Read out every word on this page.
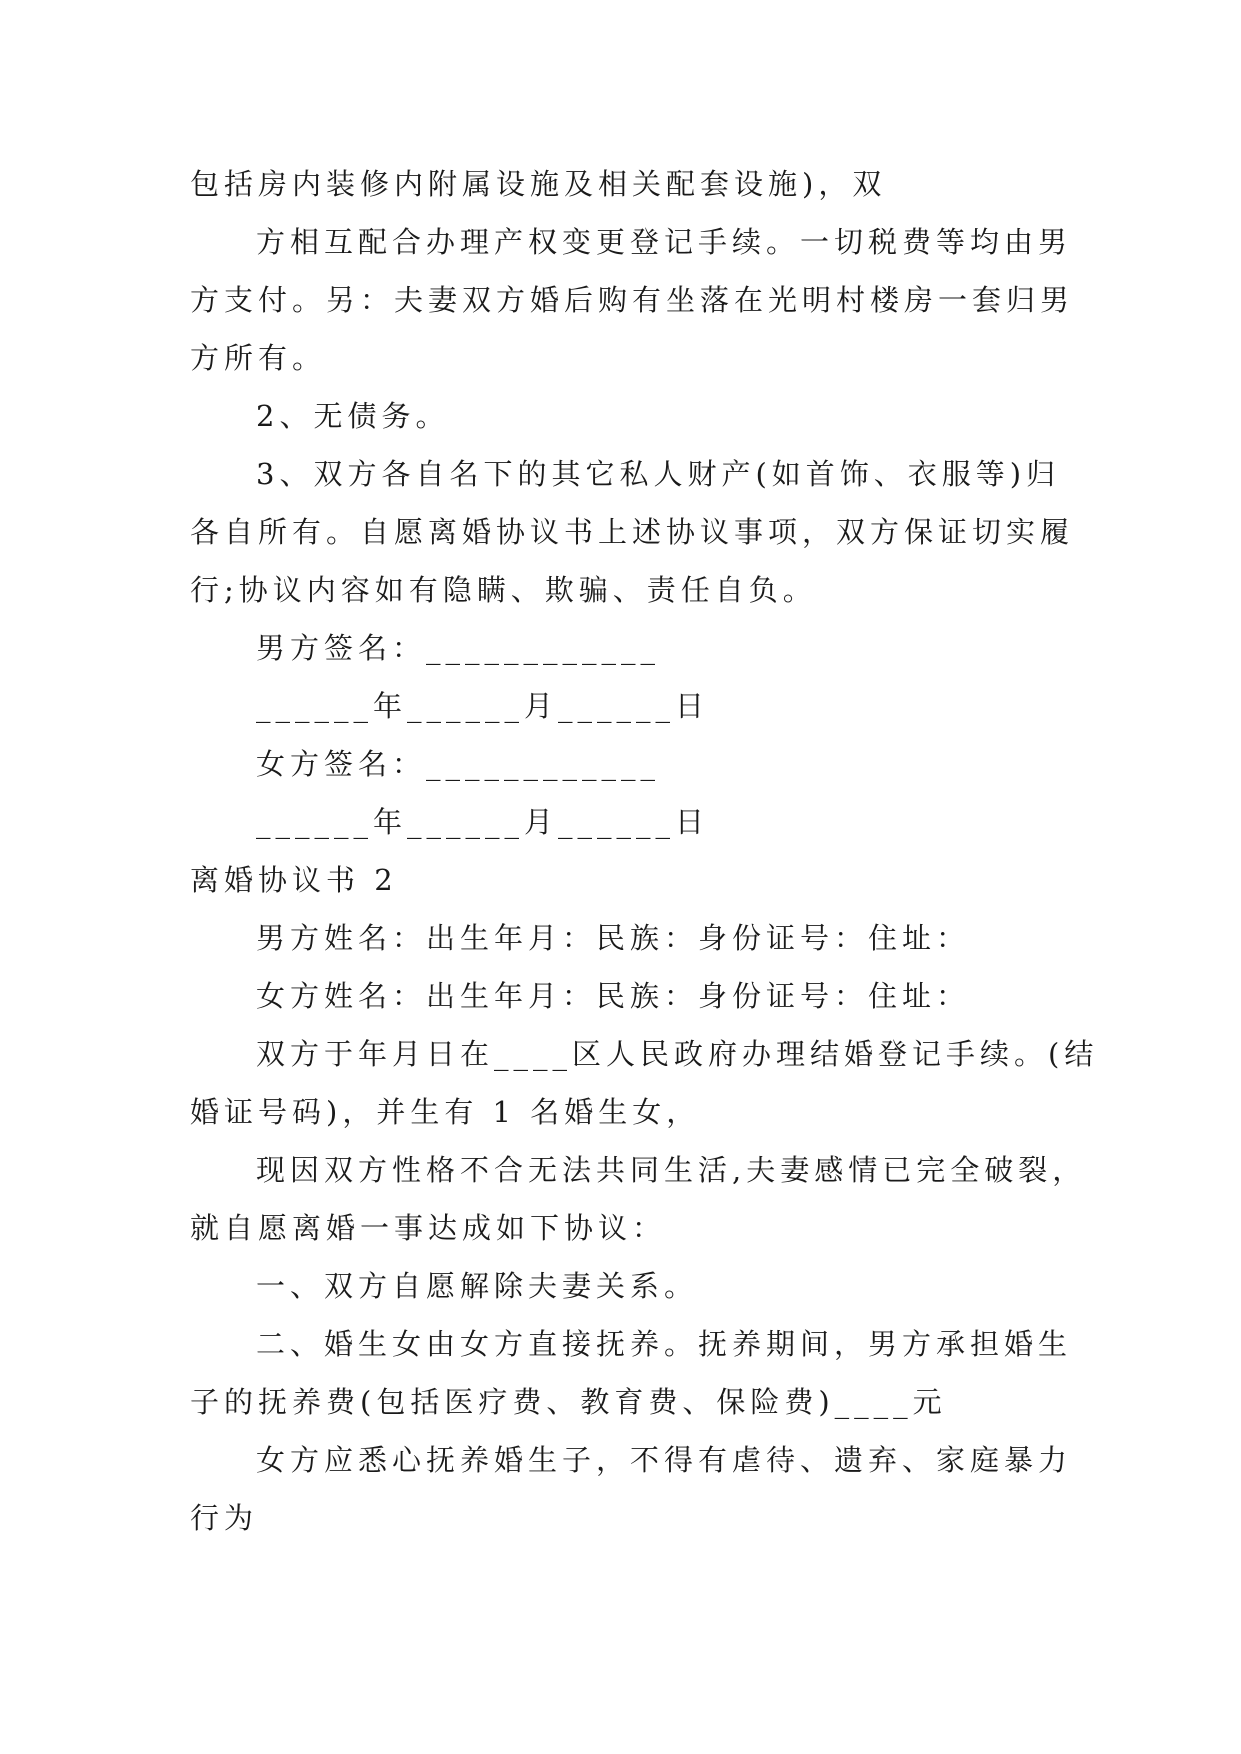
包括房内装修内附属设施及相关配套设施)，双
方相互配合办理产权变更登记手续。一切税费等均由男
方支付。另：夫妻双方婚后购有坐落在光明村楼房一套归男
方所有。
2、无债务。
3、双方各自名下的其它私人财产(如首饰、衣服等)归
各自所有。自愿离婚协议书上述协议事项，双方保证切实履
行;协议内容如有隐瞒、欺骗、责任自负。
男方签名：____________
______年______月______日
女方签名：____________
______年______月______日
离婚协议书 2
男方姓名：出生年月：民族：身份证号：住址：
女方姓名：出生年月：民族：身份证号：住址：
双方于年月日在____区人民政府办理结婚登记手续。(结
婚证号码)，并生有 1 名婚生女，
现因双方性格不合无法共同生活,夫妻感情已完全破裂，
就自愿离婚一事达成如下协议：
一、双方自愿解除夫妻关系。
二、婚生女由女方直接抚养。抚养期间，男方承担婚生
子的抚养费(包括医疗费、教育费、保险费)____元
女方应悉心抚养婚生子，不得有虐待、遗弃、家庭暴力
行为
